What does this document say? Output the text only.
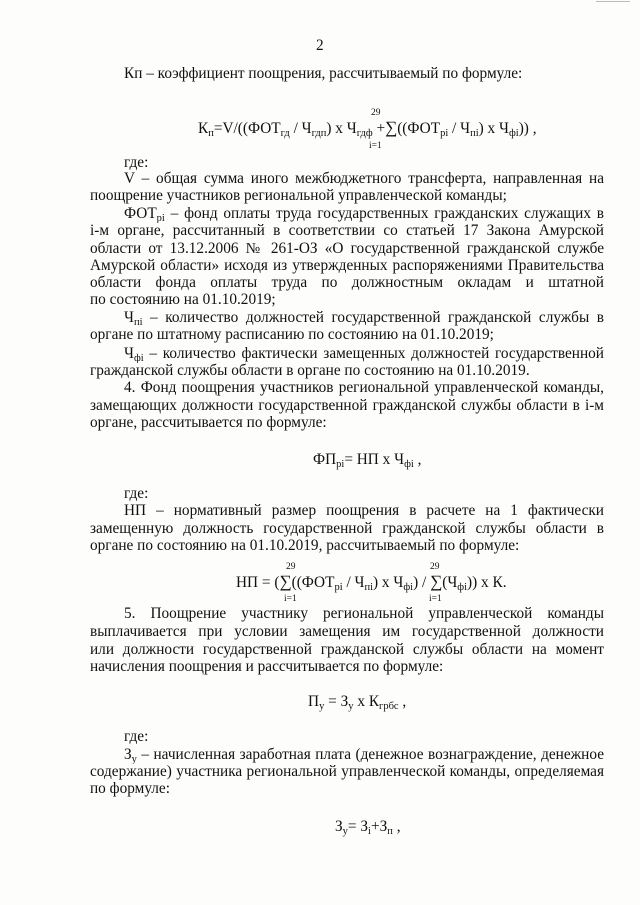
2
Кп – коэффициент поощрения, рассчитываемый по формуле:
$К_п=V/((ФОТ_{гд} / Ч_{гдп})$ х $Ч_{гдф} +\sum((ФОТ_{рi} / Ч_{пi})$ х $Ч_{фi}$)) ,
29
i=1
где:
V – общая сумма иного межбюджетного трансферта, направленная на
поощрение участников региональной управленческой команды;
$ФОТ_{рi}$ – фонд оплаты труда государственных гражданских служащих в
i-м органе, рассчитанный в соответствии со статьей 17 Закона Амурской
области от 13.12.2006 № 261-ОЗ «О государственной гражданской службе
Амурской области» исходя из утвержденных распоряжениями Правительства
области фонда оплаты труда по должностным окладам и штатной
по состоянию на 01.10.2019;
$Ч_{пi}$ – количество должностей государственной гражданской службы в
органе по штатному расписанию по состоянию на 01.10.2019;
$Ч_{фi}$ – количество фактически замещенных должностей государственной
гражданской службы области в органе по состоянию на 01.10.2019.
4. Фонд поощрения участников региональной управленческой команды,
замещающих должности государственной гражданской службы области в i-м
органе, рассчитывается по формуле:
$ФП_{рi}=$ НП х $Ч_{фi}$ ,
где:
НП – нормативный размер поощрения в расчете на 1 фактически
замещенную должность государственной гражданской службы области в
органе по состоянию на 01.10.2019, рассчитываемый по формуле:
НП = ($\sum((ФОТ_{рi} / Ч_{пi})$ х $Ч_{фi}) / \sum(Ч_{фi})$) х К.
29
i=1
29
i=1
5. Поощрение участнику региональной управленческой команды
выплачивается при условии замещения им государственной должности
или должности государственной гражданской службы области на момент
начисления поощрения и рассчитывается по формуле:
$П_у = З_у$ х $К_{грбс}$ ,
где:
$З_у$ – начисленная заработная плата (денежное вознаграждение, денежное
содержание) участника региональной управленческой команды, определяемая
по формуле:
$З_у= З_i+З_п$ ,
